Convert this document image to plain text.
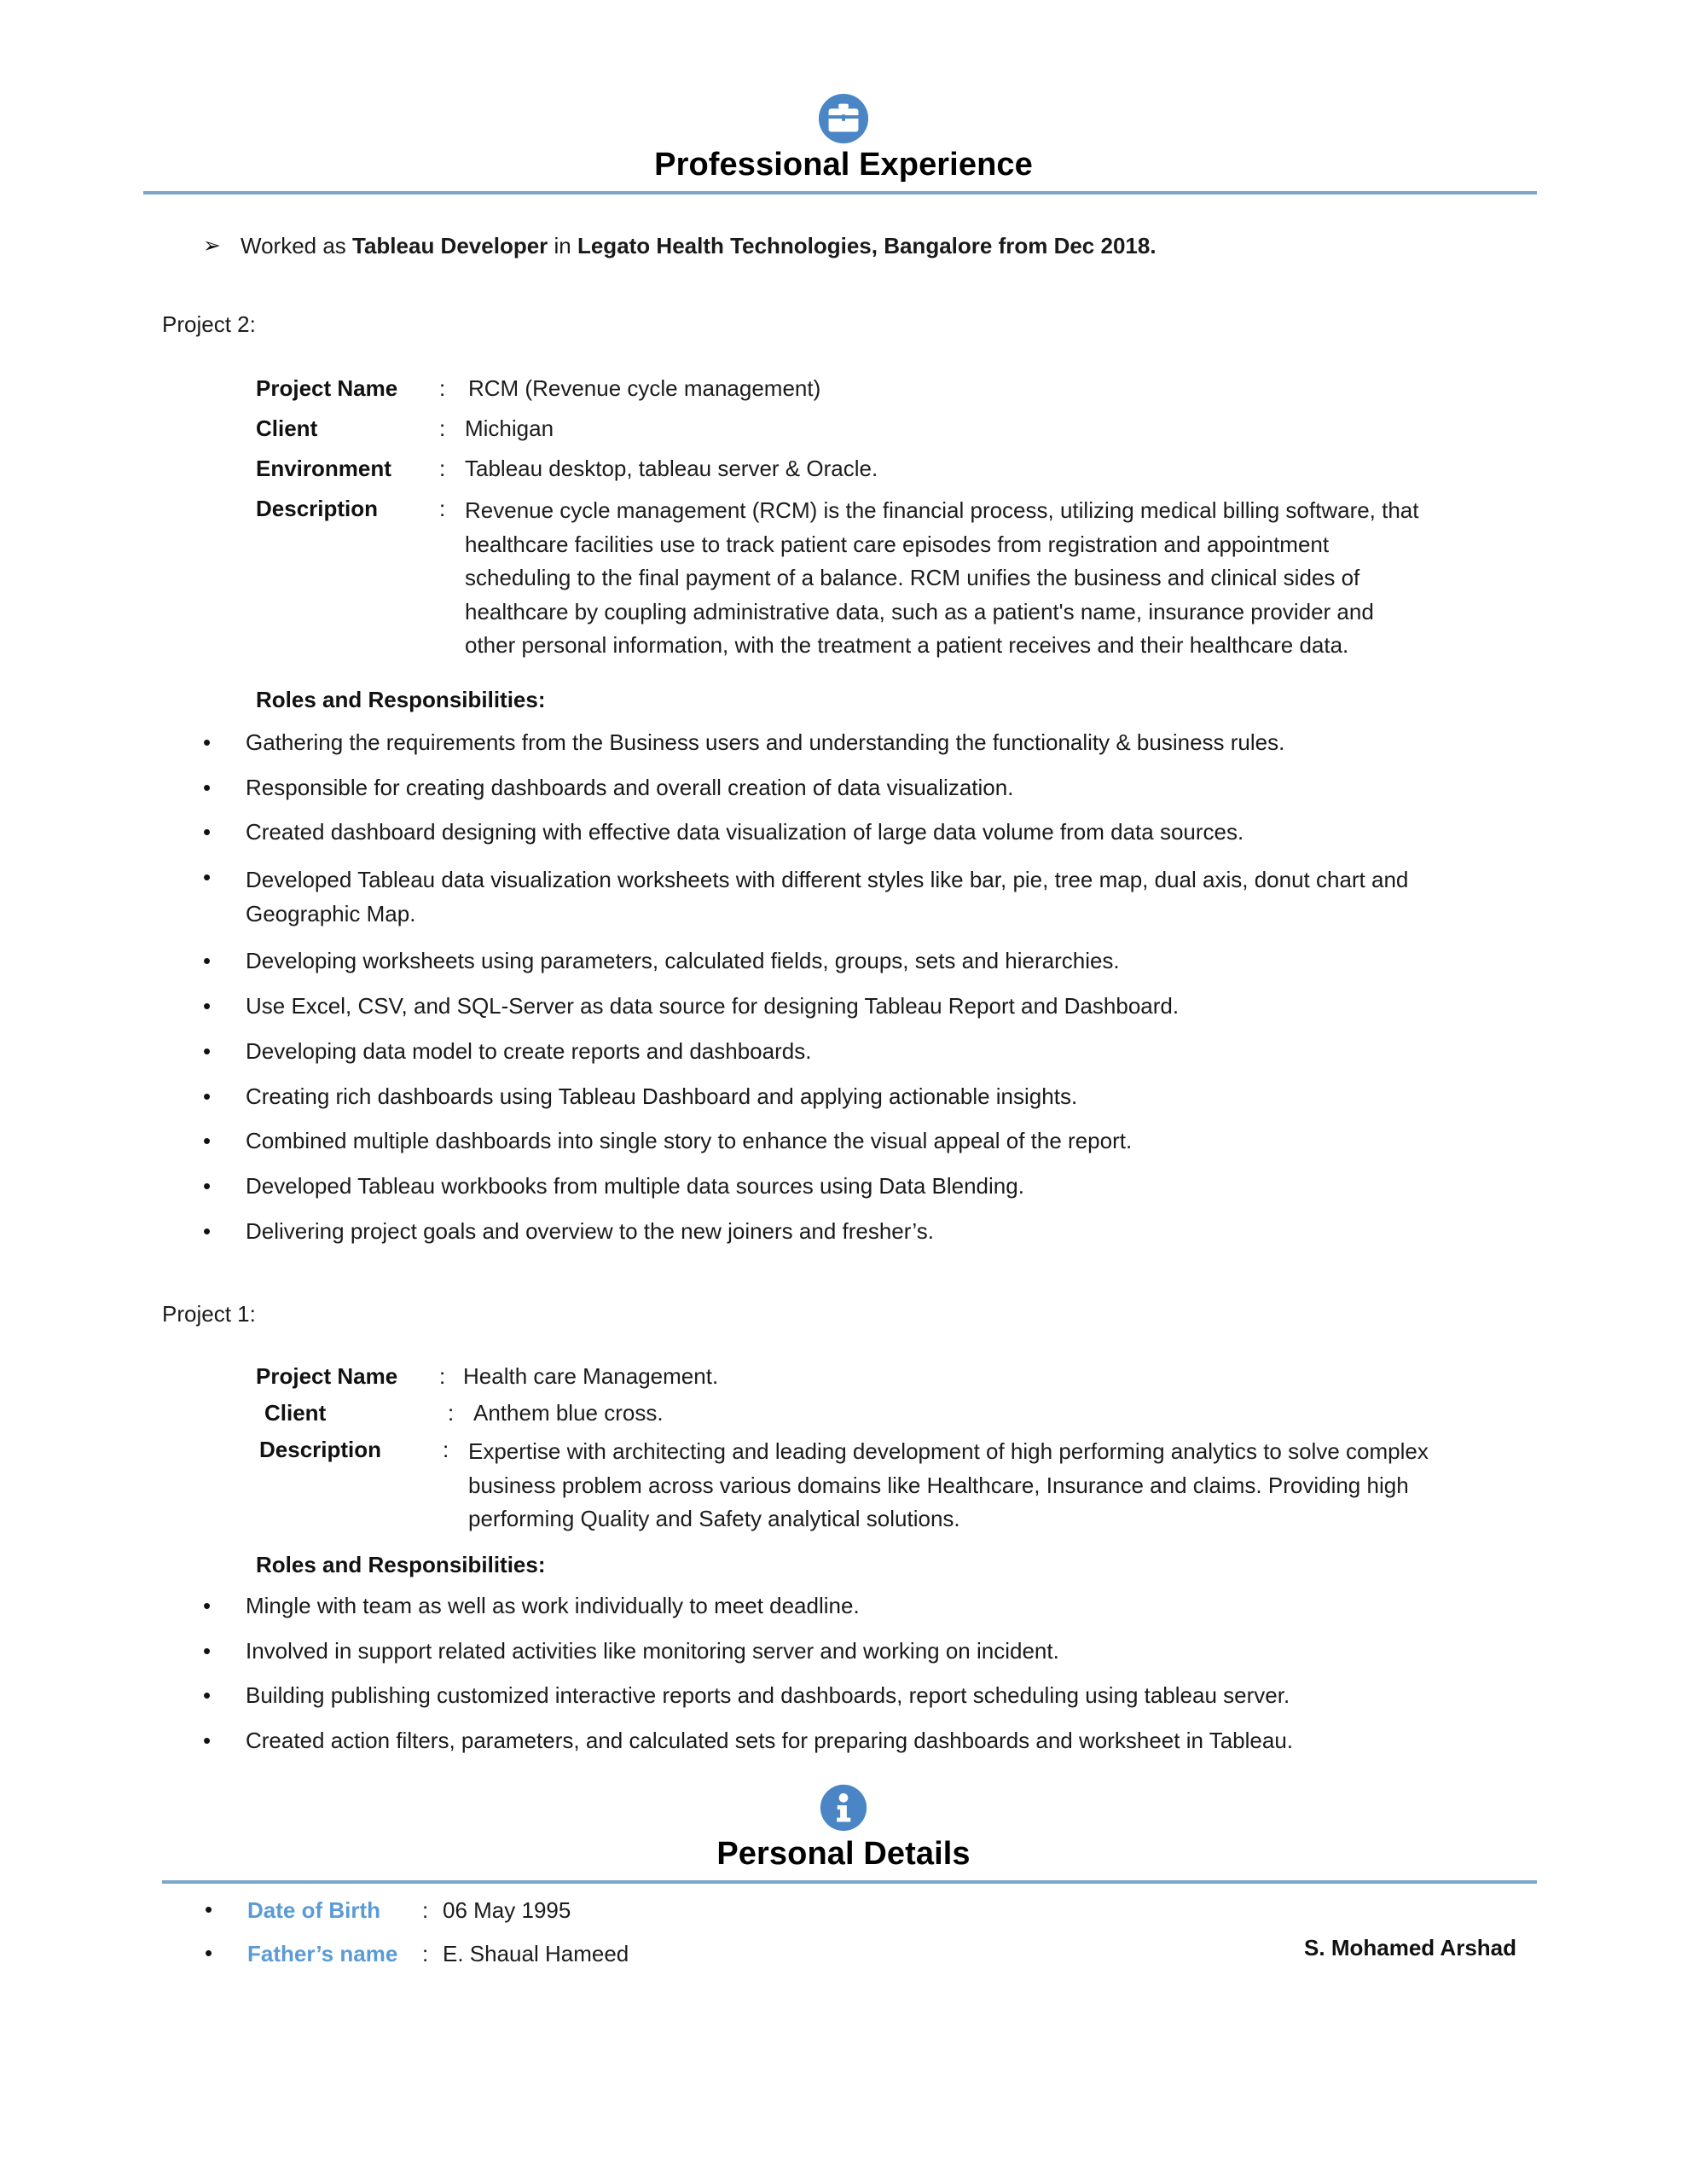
Professional Experience
➢ Worked as Tableau Developer in Legato Health Technologies, Bangalore from Dec 2018.
Project 2:
Project Name	:	RCM (Revenue cycle management)
Client	: Michigan
Environment	: Tableau desktop, tableau server & Oracle.
Description	: Revenue cycle management (RCM) is the financial process, utilizing medical billing software, that healthcare facilities use to track patient care episodes from registration and appointment scheduling to the final payment of a balance. RCM unifies the business and clinical sides of healthcare by coupling administrative data, such as a patient's name, insurance provider and other personal information, with the treatment a patient receives and their healthcare data.
Roles and Responsibilities:
•	Gathering the requirements from the Business users and understanding the functionality & business rules.
•	Responsible for creating dashboards and overall creation of data visualization.
•	Created dashboard designing with effective data visualization of large data volume from data sources.
•	Developed Tableau data visualization worksheets with different styles like bar, pie, tree map, dual axis, donut chart and Geographic Map.
•	Developing worksheets using parameters, calculated fields, groups, sets and hierarchies.
•	Use Excel, CSV, and SQL-Server as data source for designing Tableau Report and Dashboard.
•	Developing data model to create reports and dashboards.
•	Creating rich dashboards using Tableau Dashboard and applying actionable insights.
•	Combined multiple dashboards into single story to enhance the visual appeal of the report.
•	Developed Tableau workbooks from multiple data sources using Data Blending.
•	Delivering project goals and overview to the new joiners and fresher’s.
Project 1:
Project Name	: Health care Management.
Client	: Anthem blue cross.
Description	: Expertise with architecting and leading development of high performing analytics to solve complex business problem across various domains like Healthcare, Insurance and claims. Providing high performing Quality and Safety analytical solutions.
Roles and Responsibilities:
•	Mingle with team as well as work individually to meet deadline.
•	Involved in support related activities like monitoring server and working on incident.
•	Building publishing customized interactive reports and dashboards, report scheduling using tableau server.
•	Created action filters, parameters, and calculated sets for preparing dashboards and worksheet in Tableau.
Personal Details
•	Date of Birth	: 06 May 1995
•	Father’s name	: E. Shaual Hameed	S. Mohamed Arshad
